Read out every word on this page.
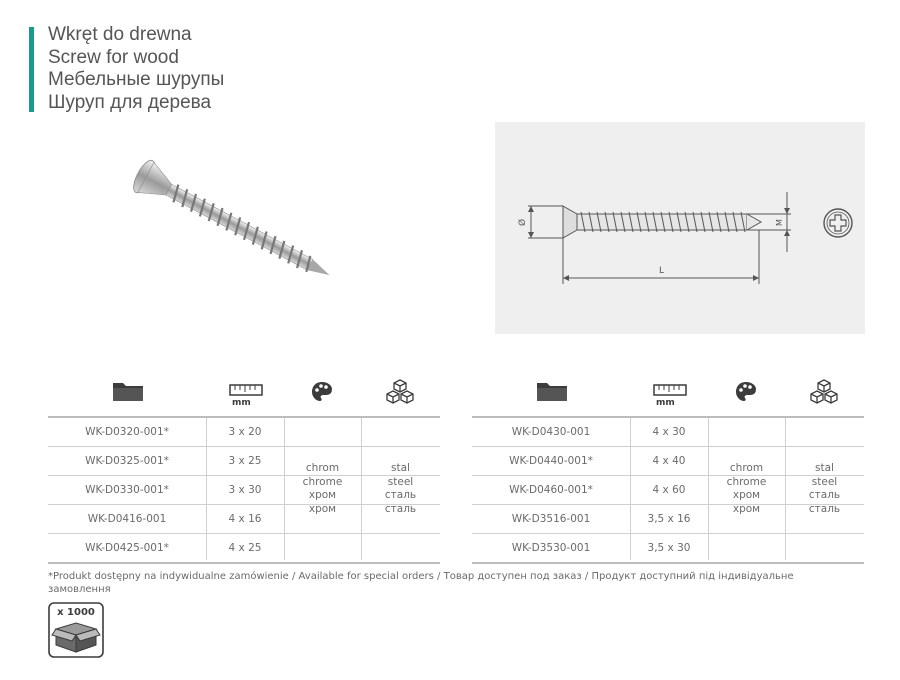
Wkręt do drewna
Screw for wood
Мебельные шурупы
Шуруп для дерева
Ø
L
M
mm
WK-D0320-001*	3 x 20
WK-D0325-001*	3 x 25
WK-D0330-001*	3 x 30
WK-D0416-001	4 x 16
WK-D0425-001*	4 x 25
chrom
chrome
хром
хром
stal
steel
сталь
сталь
mm
WK-D0430-001	4 x 30
WK-D0440-001*	4 x 40
WK-D0460-001*	4 x 60
WK-D3516-001	3,5 x 16
WK-D3530-001	3,5 x 30
chrom
chrome
хром
хром
stal
steel
сталь
сталь
*Produkt dostępny na indywidualne zamówienie / Available for special orders / Товар доступен под заказ / Продукт доступний під індивідуальне замовлення
x 1000
